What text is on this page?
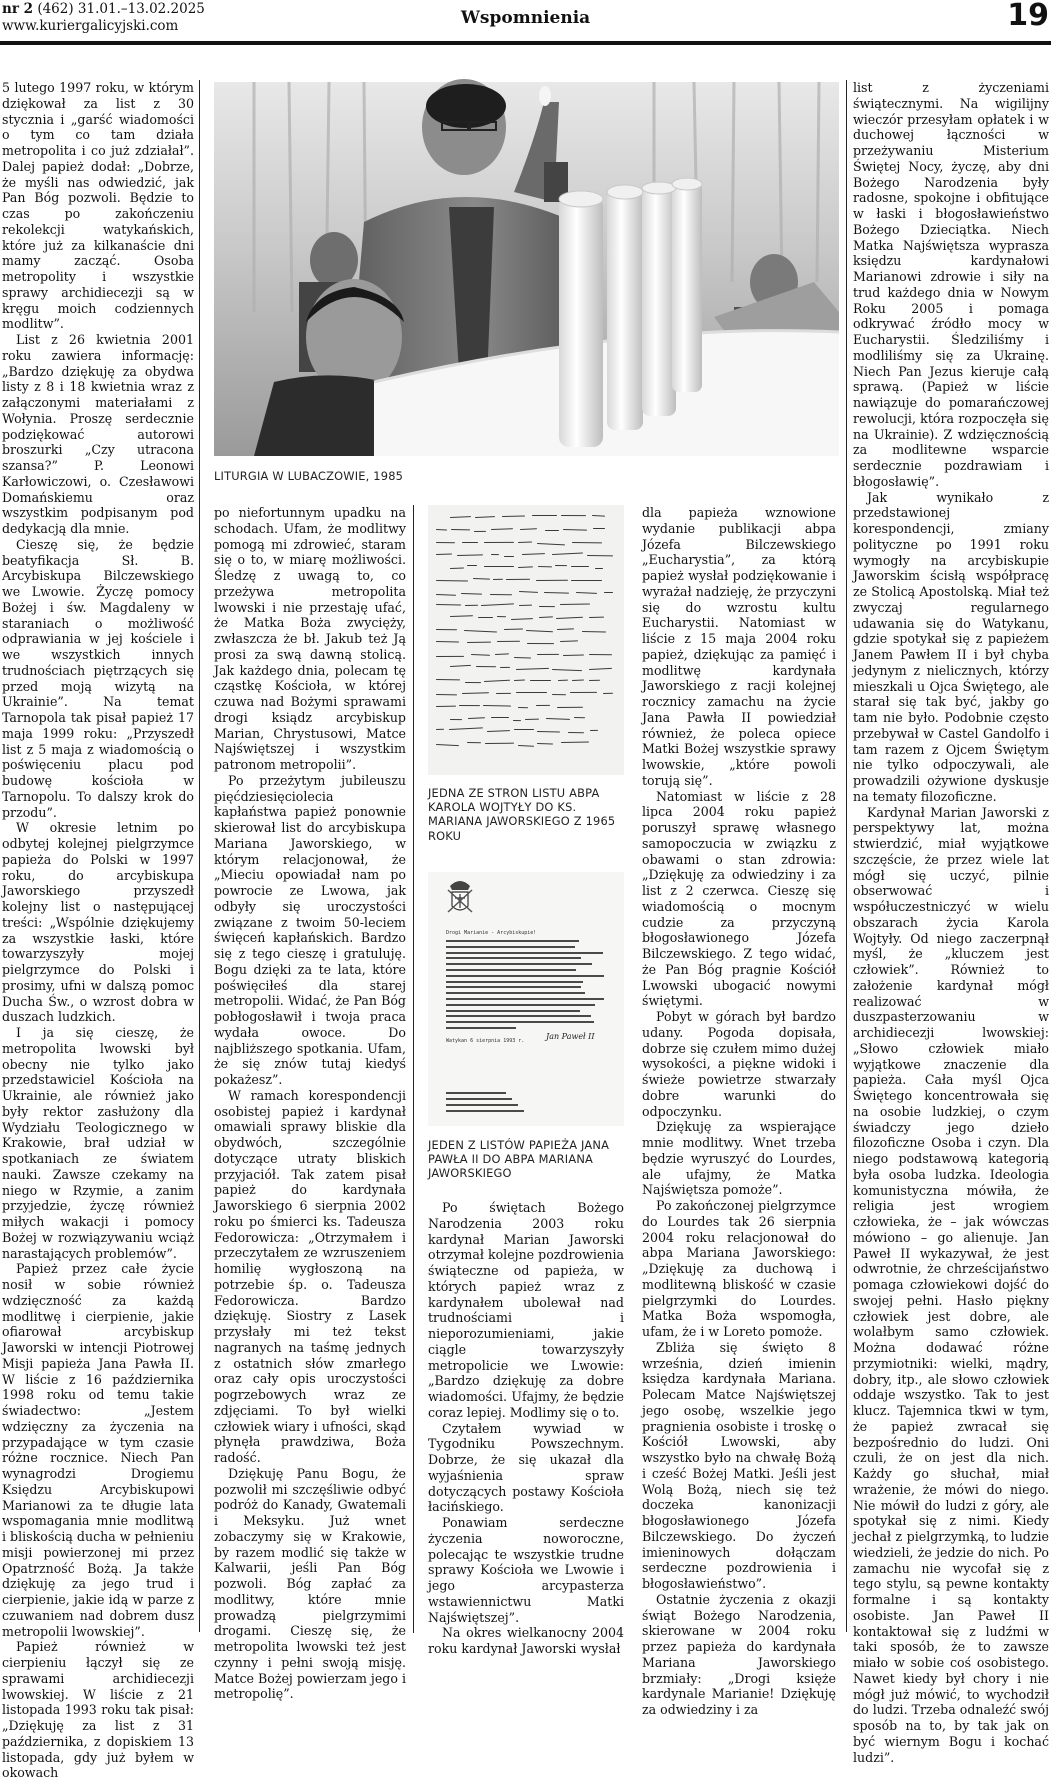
nr 2 (462) 31.01.–13.02.2025
www.kuriergalicyjski.com	Wspomnienia	19

5 lutego 1997 roku, w którym dziękował za list z 30 stycznia i „garść wiadomości o tym co tam działa metropolita i co już zdziałał”. Dalej papież dodał: „Dobrze, że myśli nas odwiedzić, jak Pan Bóg pozwoli. Będzie to czas po zakończeniu rekolekcji watykańskich, które już za kilkanaście dni mamy zacząć. Osoba metropolity i wszystkie sprawy archidiecezji są w kręgu moich codziennych modlitw”.

List z 26 kwietnia 2001 roku zawiera informację: „Bardzo dziękuję za obydwa listy z 8 i 18 kwietnia wraz z załączonymi materiałami z Wołynia. Proszę serdecznie podziękować autorowi broszurki „Czy utracona szansa?” P. Leonowi Karłowiczowi, o. Czesławowi Domańskiemu oraz wszystkim podpisanym pod dedykacją dla mnie.

Cieszę się, że będzie beatyfikacja Sł. B. Arcybiskupa Bilczewskiego we Lwowie. Życzę pomocy Bożej i św. Magdaleny w staraniach o możliwość odprawiania w jej kościele i we wszystkich innych trudnościach piętrzących się przed moją wizytą na Ukrainie”. Na temat Tarnopola tak pisał papież 17 maja 1999 roku: „Przyszedł list z 5 maja z wiadomością o poświęceniu placu pod budowę kościoła w Tarnopolu. To dalszy krok do przodu”.

W okresie letnim po odbytej kolejnej pielgrzymce papieża do Polski w 1997 roku, do arcybiskupa Jaworskiego przyszedł kolejny list o następującej treści: „Wspólnie dziękujemy za wszystkie łaski, które towarzyszyły mojej pielgrzymce do Polski i prosimy, ufni w dalszą pomoc Ducha Św., o wzrost dobra w duszach ludzkich.

I ja się cieszę, że metropolita lwowski był obecny nie tylko jako przedstawiciel Kościoła na Ukrainie, ale również jako były rektor zasłużony dla Wydziału Teologicznego w Krakowie, brał udział w spotkaniach ze światem nauki. Zawsze czekamy na niego w Rzymie, a zanim przyjedzie, życzę również miłych wakacji i pomocy Bożej w rozwiązywaniu wciąż narastających problemów”.

Papież przez całe życie nosił w sobie również wdzięczność za każdą modlitwę i cierpienie, jakie ofiarował arcybiskup Jaworski w intencji Piotrowej Misji papieża Jana Pawła II. W liście z 16 października 1998 roku od temu takie świadectwo: „Jestem wdzięczny za życzenia na przypadające w tym czasie różne rocznice. Niech Pan wynagrodzi Drogiemu Księdzu Arcybiskupowi Marianowi za te długie lata wspomagania mnie modlitwą i bliskością ducha w pełnieniu misji powierzonej mi przez Opatrzność Bożą. Ja także dziękuję za jego trud i cierpienie, jakie idą w parze z czuwaniem nad dobrem dusz metropolii lwowskiej”.

Papież również w cierpieniu łączył się ze sprawami archidiecezji lwowskiej. W liście z 21 listopada 1993 roku tak pisał: „Dziękuję za list z 31 października, z dopiskiem 13 listopada, gdy już byłem w okowach

LITURGIA W LUBACZOWIE, 1985

po niefortunnym upadku na schodach. Ufam, że modlitwy pomogą mi zdrowieć, staram się o to, w miarę możliwości. Śledzę z uwagą to, co przeżywa metropolita lwowski i nie przestaję ufać, że Matka Boża zwycięży, zwłaszcza że bł. Jakub też Ją prosi za swą dawną stolicą. Jak każdego dnia, polecam tę cząstkę Kościoła, w której czuwa nad Bożymi sprawami drogi ksiądz arcybiskup Marian, Chrystusowi, Matce Najświętszej i wszystkim patronom metropolii”.

Po przeżytym jubileuszu pięćdziesięciolecia kapłaństwa papież ponownie skierował list do arcybiskupa Mariana Jaworskiego, w którym relacjonował, że „Mieciu opowiadał nam po powrocie ze Lwowa, jak odbyły się uroczystości związane z twoim 50-leciem święceń kapłańskich. Bardzo się z tego cieszę i gratuluję. Bogu dzięki za te lata, które poświęciłeś dla starej metropolii. Widać, że Pan Bóg pobłogosławił i twoja praca wydała owoce. Do najbliższego spotkania. Ufam, że się znów tutaj kiedyś pokażesz”.

W ramach korespondencji osobistej papież i kardynał omawiali sprawy bliskie dla obydwóch, szczególnie dotyczące utraty bliskich przyjaciół. Tak zatem pisał papież do kardynała Jaworskiego 6 sierpnia 2002 roku po śmierci ks. Tadeusza Fedorowicza: „Otrzymałem i przeczytałem ze wzruszeniem homilię wygłoszoną na potrzebie śp. o. Tadeusza Fedorowicza. Bardzo dziękuję. Siostry z Lasek przysłały mi też tekst nagranych na taśmę jednych z ostatnich słów zmarłego oraz cały opis uroczystości pogrzebowych wraz ze zdjęciami. To był wielki człowiek wiary i ufności, skąd płynęła prawdziwa, Boża radość.

Dziękuję Panu Bogu, że pozwolił mi szczęśliwie odbyć podróż do Kanady, Gwatemali i Meksyku. Już wnet zobaczymy się w Krakowie, by razem modlić się także w Kalwarii, jeśli Pan Bóg pozwoli. Bóg zapłać za modlitwy, które mnie prowadzą pielgrzymimi drogami. Cieszę się, że metropolita lwowski też jest czynny i pełni swoją misję. Matce Bożej powierzam jego i metropolię”.

JEDNA ZE STRON LISTU ABPA KAROLA WOJTYŁY DO KS. MARIANA JAWORSKIEGO Z 1965 ROKU
Drogi Marianie - Arcybiskupie!
Watykan 6 sierpnia 1993 r.	Jan Paweł II
JEDEN Z LISTÓW PAPIEŻA JANA PAWŁA II DO ABPA MARIANA JAWORSKIEGO

Po świętach Bożego Narodzenia 2003 roku kardynał Marian Jaworski otrzymał kolejne pozdrowienia świąteczne od papieża, w których papież wraz z kardynałem ubolewał nad trudnościami i nieporozumieniami, jakie ciągle towarzyszyły metropolicie we Lwowie: „Bardzo dziękuję za dobre wiadomości. Ufajmy, że będzie coraz lepiej. Modlimy się o to.

Czytałem wywiad w Tygodniku Powszechnym. Dobrze, że się ukazał dla wyjaśnienia spraw dotyczących postawy Kościoła łacińskiego.

Ponawiam serdeczne życzenia noworoczne, polecając te wszystkie trudne sprawy Kościoła we Lwowie i jego arcypasterza wstawiennictwu Matki Najświętszej”.

Na okres wielkanocny 2004 roku kardynał Jaworski wysłał

dla papieża wznowione wydanie publikacji abpa Józefa Bilczewskiego „Eucharystia”, za którą papież wysłał podziękowanie i wyrażał nadzieję, że przyczyni się do wzrostu kultu Eucharystii. Natomiast w liście z 15 maja 2004 roku papież, dziękując za pamięć i modlitwę kardynała Jaworskiego z racji kolejnej rocznicy zamachu na życie Jana Pawła II powiedział również, że poleca opiece Matki Bożej wszystkie sprawy lwowskie, „które powoli torują się”.

Natomiast w liście z 28 lipca 2004 roku papież poruszył sprawę własnego samopoczucia w związku z obawami o stan zdrowia: „Dziękuję za odwiedziny i za list z 2 czerwca. Cieszę się wiadomością o mocnym cudzie za przyczyną błogosławionego Józefa Bilczewskiego. Z tego widać, że Pan Bóg pragnie Kościół Lwowski ubogacić nowymi świętymi.

Pobyt w górach był bardzo udany. Pogoda dopisała, dobrze się czułem mimo dużej wysokości, a piękne widoki i świeże powietrze stwarzały dobre warunki do odpoczynku.

Dziękuję za wspierające mnie modlitwy. Wnet trzeba będzie wyruszyć do Lourdes, ale ufajmy, że Matka Najświętsza pomoże”.

Po zakończonej pielgrzymce do Lourdes tak 26 sierpnia 2004 roku relacjonował do abpa Mariana Jaworskiego: „Dziękuję za duchową i modlitewną bliskość w czasie pielgrzymki do Lourdes. Matka Boża wspomogła, ufam, że i w Loreto pomoże.

Zbliża się święto 8 września, dzień imienin księdza kardynała Mariana. Polecam Matce Najświętszej jego osobę, wszelkie jego pragnienia osobiste i troskę o Kościół Lwowski, aby wszystko było na chwałę Bożą i cześć Bożej Matki. Jeśli jest Wolą Bożą, niech się też doczeka kanonizacji błogosławionego Józefa Bilczewskiego. Do życzeń imieninowych dołączam serdeczne pozdrowienia i błogosławieństwo”.

Ostatnie życzenia z okazji świąt Bożego Narodzenia, skierowane w 2004 roku przez papieża do kardynała Mariana Jaworskiego brzmiały: „Drogi księże kardynale Marianie! Dziękuję za odwiedziny i za

list z życzeniami świątecznymi. Na wigilijny wieczór przesyłam opłatek i w duchowej łączności w przeżywaniu Misterium Świętej Nocy, życzę, aby dni Bożego Narodzenia były radosne, spokojne i obfitujące w łaski i błogosławieństwo Bożego Dzieciątka. Niech Matka Najświętsza wyprasza księdzu kardynałowi Marianowi zdrowie i siły na trud każdego dnia w Nowym Roku 2005 i pomaga odkrywać źródło mocy w Eucharystii. Śledziliśmy i modliliśmy się za Ukrainę. Niech Pan Jezus kieruje całą sprawą. (Papież w liście nawiązuje do pomarańczowej rewolucji, która rozpoczęła się na Ukrainie). Z wdzięcznością za modlitewne wsparcie serdecznie pozdrawiam i błogosławię”.

Jak wynikało z przedstawionej korespondencji, zmiany polityczne po 1991 roku wymogły na arcybiskupie Jaworskim ścisłą współpracę ze Stolicą Apostolską. Miał też zwyczaj regularnego udawania się do Watykanu, gdzie spotykał się z papieżem Janem Pawłem II i był chyba jedynym z nielicznych, którzy mieszkali u Ojca Świętego, ale starał się tak być, jakby go tam nie było. Podobnie często przebywał w Castel Gandolfo i tam razem z Ojcem Świętym nie tylko odpoczywali, ale prowadzili ożywione dyskusje na tematy filozoficzne.

Kardynał Marian Jaworski z perspektywy lat, można stwierdzić, miał wyjątkowe szczęście, że przez wiele lat mógł się uczyć, pilnie obserwować i współuczestniczyć w wielu obszarach życia Karola Wojtyły. Od niego zaczerpnął myśl, że „kluczem jest człowiek”. Również to założenie kardynał mógł realizować w duszpasterzowaniu w archidiecezji lwowskiej: „Słowo człowiek miało wyjątkowe znaczenie dla papieża. Cała myśl Ojca Świętego koncentrowała się na osobie ludzkiej, o czym świadczy jego dzieło filozoficzne Osoba i czyn. Dla niego podstawową kategorią była osoba ludzka. Ideologia komunistyczna mówiła, że religia jest wrogiem człowieka, że – jak wówczas mówiono – go alienuje. Jan Paweł II wykazywał, że jest odwrotnie, że chrześcijaństwo pomaga człowiekowi dojść do swojej pełni. Hasło piękny człowiek jest dobre, ale wolałbym samo człowiek. Można dodawać różne przymiotniki: wielki, mądry, dobry, itp., ale słowo człowiek oddaje wszystko. Tak to jest klucz. Tajemnica tkwi w tym, że papież zwracał się bezpośrednio do ludzi. Oni czuli, że on jest dla nich. Każdy go słuchał, miał wrażenie, że mówi do niego. Nie mówił do ludzi z góry, ale spotykał się z nimi. Kiedy jechał z pielgrzymką, to ludzie wiedzieli, że jedzie do nich. Po zamachu nie wycofał się z tego stylu, są pewne kontakty formalne i są kontakty osobiste. Jan Paweł II kontaktował się z ludźmi w taki sposób, że to zawsze miało w sobie coś osobistego. Nawet kiedy był chory i nie mógł już mówić, to wychodził do ludzi. Trzeba odnaleźć swój sposób na to, by tak jak on być wiernym Bogu i kochać ludzi”.
